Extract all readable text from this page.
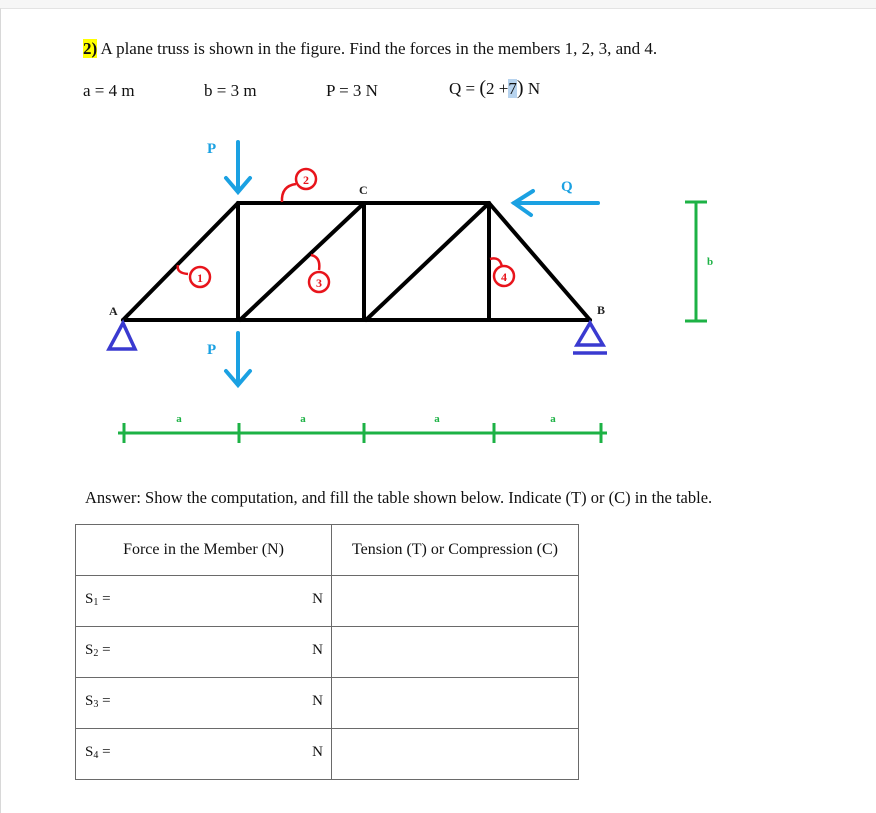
2) A plane truss is shown in the figure. Find the forces in the members 1, 2, 3, and 4.
a = 4 m	b = 3 m	P = 3 N	Q = (2 +7) N
1
2
3	4
A	B
C
P
P
Q
b
a	a	a	a
Answer: Show the computation, and fill the table shown below. Indicate (T) or (C) in the table.
Force in the Member (N)	Tension (T) or Compression (C)

$S_1 = N$	

$S_2 = N$	

$S_3 = N$	

$S_4 = N$	
